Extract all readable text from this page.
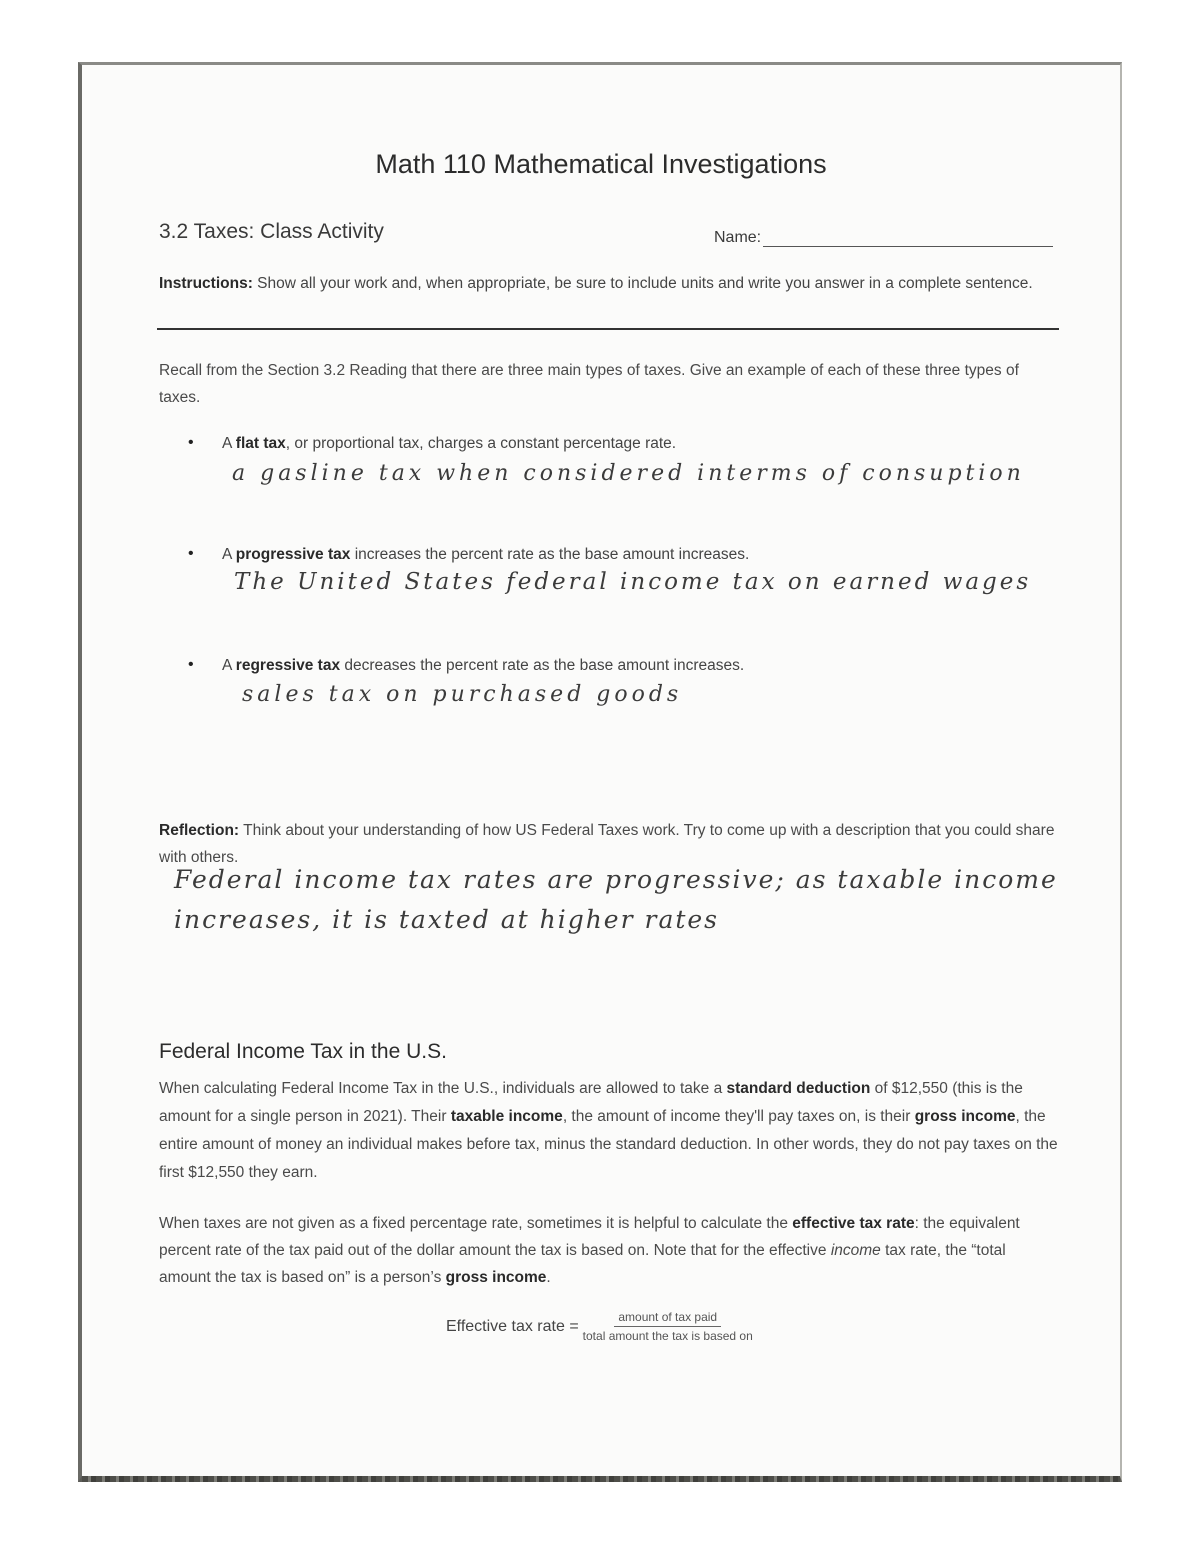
Math 110 Mathematical Investigations
3.2 Taxes: Class Activity	Name:
Instructions: Show all your work and, when appropriate, be sure to include units and write you answer in a complete sentence.
Recall from the Section 3.2 Reading that there are three main types of taxes. Give an example of each of these three types of taxes.
• A flat tax, or proportional tax, charges a constant percentage rate.
a gasline tax when considered interms of consuption
• A progressive tax increases the percent rate as the base amount increases.
The United States federal income tax on earned wages
• A regressive tax decreases the percent rate as the base amount increases.
sales tax on purchased goods
Reflection: Think about your understanding of how US Federal Taxes work. Try to come up with a description that you could share with others.
Federal income tax rates are progressive; as taxable income
increases, it is taxted at higher rates
Federal Income Tax in the U.S.
When calculating Federal Income Tax in the U.S., individuals are allowed to take a standard deduction of $12,550 (this is the amount for a single person in 2021). Their taxable income, the amount of income they'll pay taxes on, is their gross income, the entire amount of money an individual makes before tax, minus the standard deduction. In other words, they do not pay taxes on the first $12,550 they earn.
When taxes are not given as a fixed percentage rate, sometimes it is helpful to calculate the effective tax rate: the equivalent percent rate of the tax paid out of the dollar amount the tax is based on. Note that for the effective income tax rate, the “total amount the tax is based on” is a person’s gross income.
Effective tax rate = $\frac{\text{amount of tax paid}}{\text{total amount the tax is based on}}$
